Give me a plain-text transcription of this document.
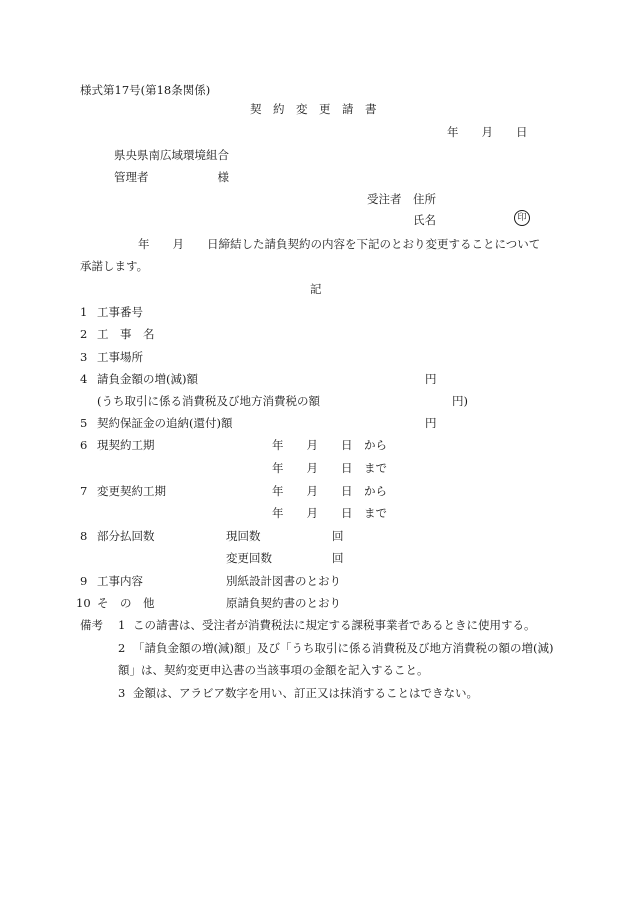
様式第17号(第18条関係)
契　約　変　更　請　書
年　　月　　日
県央県南広域環境組合
管理者　　　　　　様
受注者　住所
氏名	印
年　　月　　日締結した請負契約の内容を下記のとおり変更することについて
承諾します。
記
1 工事番号
2 工　事　名
3 工事場所
4 請負金額の増(減)額	円
(うち取引に係る消費税及び地方消費税の額	円)
5 契約保証金の追納(還付)額	円
6 現契約工期	年　　月　　日　から
年　　月　　日　まで
7 変更契約工期	年　　月　　日　から
年　　月　　日　まで
8 部分払回数	現回数	回
変更回数	回
9 工事内容	別紙設計図書のとおり
10 そ　の　他	原請負契約書のとおり
備考 1 この請書は、受注者が消費税法に規定する課税事業者であるときに使用する。
2 「請負金額の増(減)額」及び「うち取引に係る消費税及び地方消費税の額の増(減)
額」は、契約変更申込書の当該事項の金額を記入すること。
3 金額は、アラビア数字を用い、訂正又は抹消することはできない。
